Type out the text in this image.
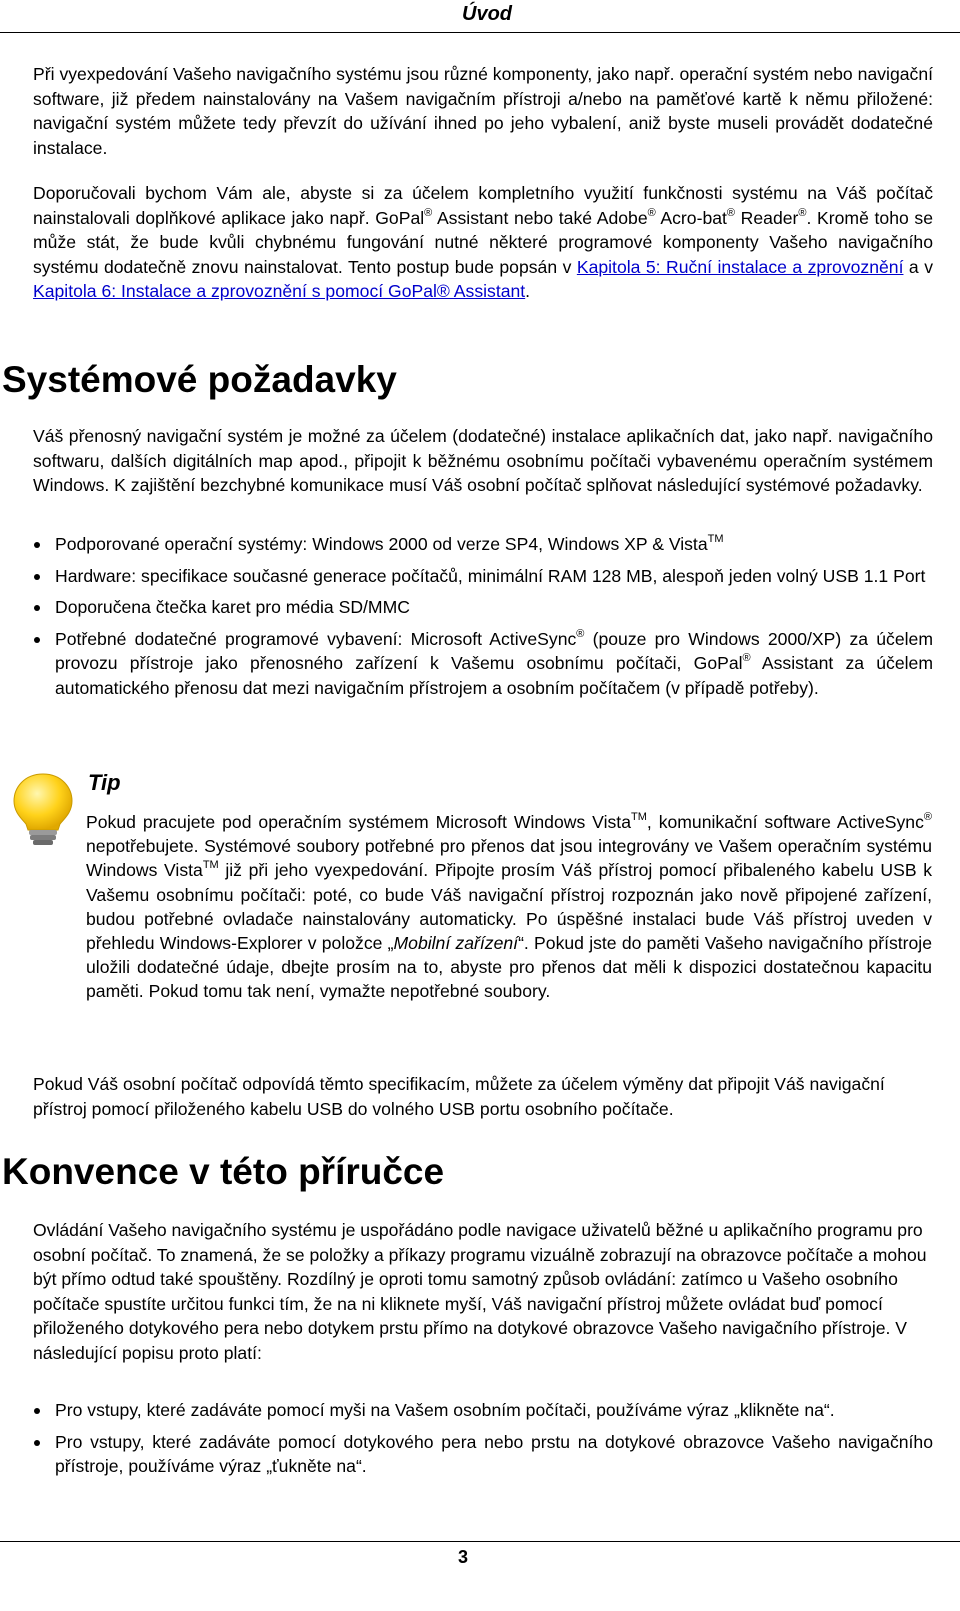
Úvod

Při vyexpedování Vašeho navigačního systému jsou různé komponenty, jako např. operační systém nebo navigační software, již předem nainstalovány na Vašem navigačním přístroji a/nebo na paměťové kartě k němu přiložené: navigační systém můžete tedy převzít do užívání ihned po jeho vybalení, aniž byste museli provádět dodatečné instalace.

Doporučovali bychom Vám ale, abyste si za účelem kompletního využití funkčnosti systému na Váš počítač nainstalovali doplňkové aplikace jako např. GoPal® Assistant nebo také Adobe® Acro-bat® Reader®. Kromě toho se může stát, že bude kvůli chybnému fungování nutné některé programové komponenty Vašeho navigačního systému dodatečně znovu nainstalovat. Tento postup bude popsán v Kapitola 5: Ruční instalace a zprovoznění a v Kapitola 6: Instalace a zprovoznění s pomocí GoPal® Assistant.

Systémové požadavky

Váš přenosný navigační systém je možné za účelem (dodatečné) instalace aplikačních dat, jako např. navigačního softwaru, dalších digitálních map apod., připojit k běžnému osobnímu počítači vybavenému operačním systémem Windows. K zajištění bezchybné komunikace musí Váš osobní počítač splňovat následující systémové požadavky.

Podporované operační systémy: Windows 2000 od verze SP4, Windows XP & Vista™
Hardware: specifikace současné generace počítačů, minimální RAM 128 MB, alespoň jeden volný USB 1.1 Port
Doporučena čtečka karet pro média SD/MMC
Potřebné dodatečné programové vybavení: Microsoft ActiveSync® (pouze pro Windows 2000/XP) za účelem provozu přístroje jako přenosného zařízení k Vašemu osobnímu počítači, GoPal® Assistant za účelem automatického přenosu dat mezi navigačním přístrojem a osobním počítačem (v případě potřeby).
Tip

Pokud pracujete pod operačním systémem Microsoft Windows Vista™, komunikační software ActiveSync® nepotřebujete. Systémové soubory potřebné pro přenos dat jsou integrovány ve Vašem operačním systému Windows Vista™ již při jeho vyexpedování. Připojte prosím Váš přístroj pomocí přibaleného kabelu USB k Vašemu osobnímu počítači: poté, co bude Váš navigační přístroj rozpoznán jako nově připojené zařízení, budou potřebné ovladače nainstalovány automaticky. Po úspěšné instalaci bude Váš přístroj uveden v přehledu Windows-Explorer v položce „Mobilní zařízení“. Pokud jste do paměti Vašeho navigačního přístroje uložili dodatečné údaje, dbejte prosím na to, abyste pro přenos dat měli k dispozici dostatečnou kapacitu paměti. Pokud tomu tak není, vymažte nepotřebné soubory.

Pokud Váš osobní počítač odpovídá těmto specifikacím, můžete za účelem výměny dat připojit Váš navigační přístroj pomocí přiloženého kabelu USB do volného USB portu osobního počítače.

Konvence v této příručce

Ovládání Vašeho navigačního systému je uspořádáno podle navigace uživatelů běžné u aplikačního programu pro osobní počítač. To znamená, že se položky a příkazy programu vizuálně zobrazují na obrazovce počítače a mohou být přímo odtud také spouštěny. Rozdílný je oproti tomu samotný způsob ovládání: zatímco u Vašeho osobního počítače spustíte určitou funkci tím, že na ni kliknete myší, Váš navigační přístroj můžete ovládat buď pomocí přiloženého dotykového pera nebo dotykem prstu přímo na dotykové obrazovce Vašeho navigačního přístroje. V následující popisu proto platí:

Pro vstupy, které zadáváte pomocí myši na Vašem osobním počítači, používáme výraz „klikněte na“.
Pro vstupy, které zadáváte pomocí dotykového pera nebo prstu na dotykové obrazovce Vašeho navigačního přístroje, používáme výraz „ťukněte na“.
3
